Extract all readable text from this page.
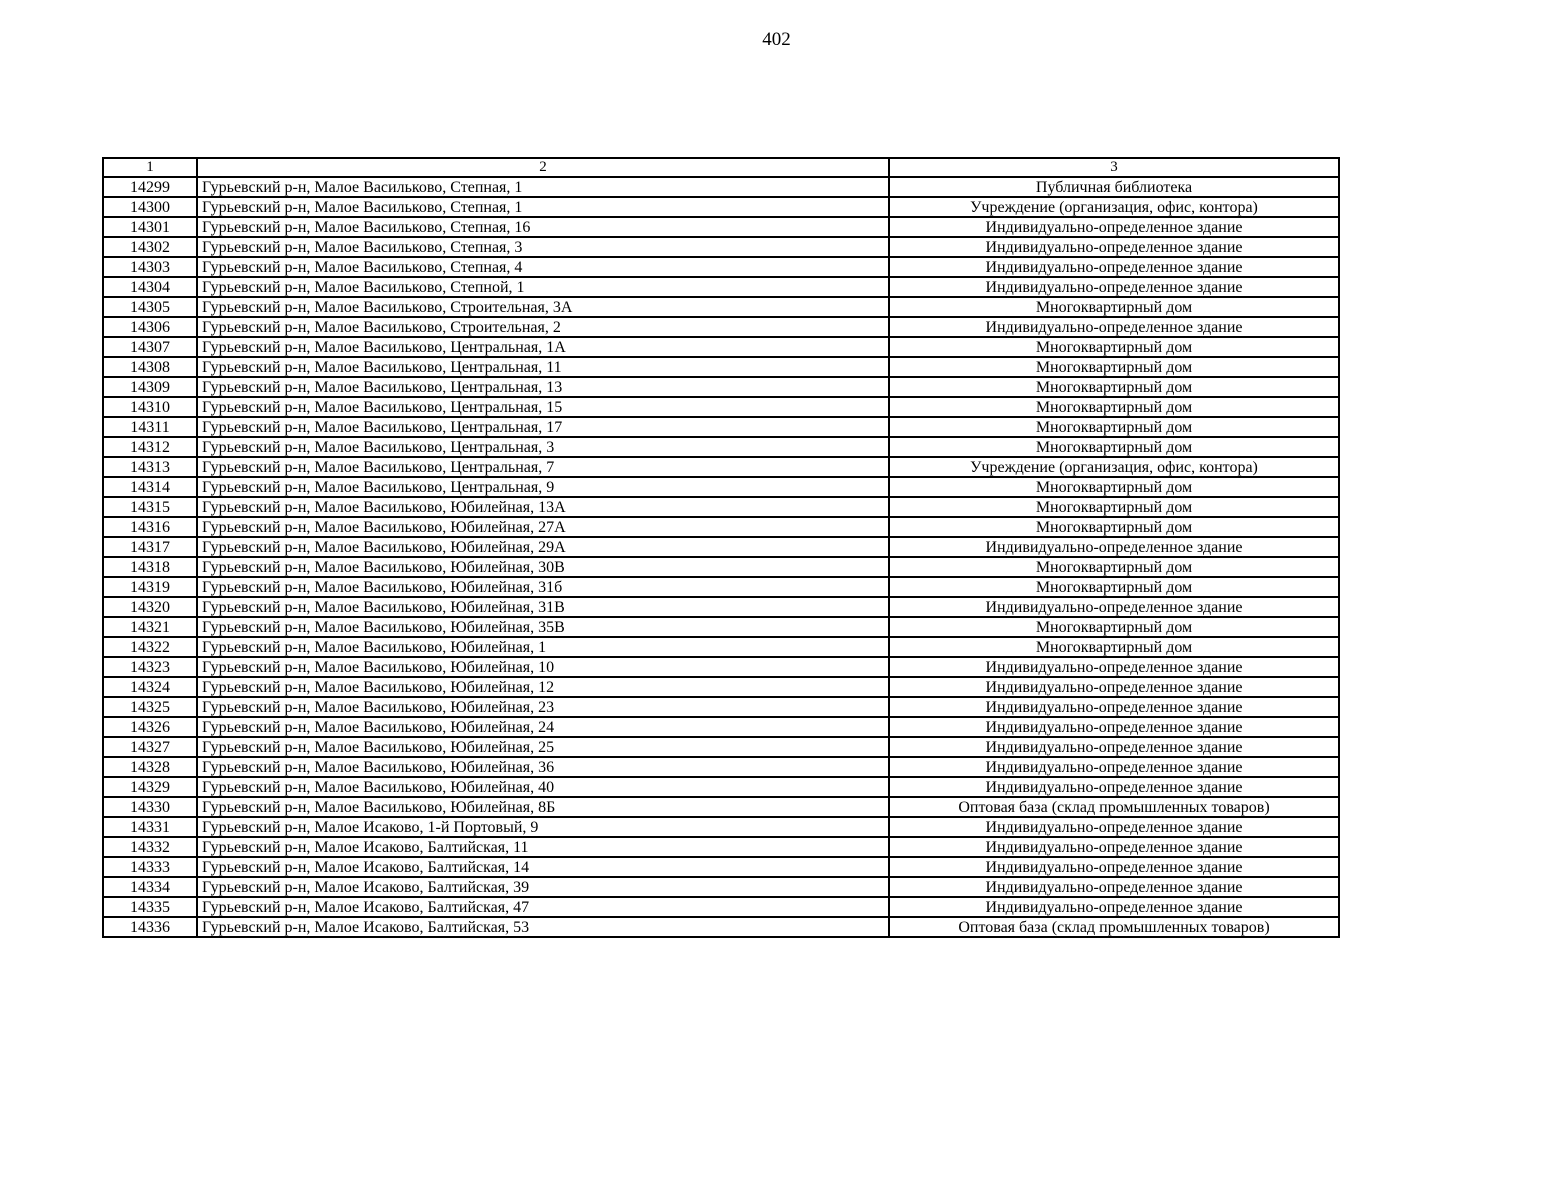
402
1	2	3
14299	Гурьевский р-н, Малое Васильково, Степная, 1	Публичная библиотека
14300	Гурьевский р-н, Малое Васильково, Степная, 1	Учреждение (организация, офис, контора)
14301	Гурьевский р-н, Малое Васильково, Степная, 16	Индивидуально-определенное здание
14302	Гурьевский р-н, Малое Васильково, Степная, 3	Индивидуально-определенное здание
14303	Гурьевский р-н, Малое Васильково, Степная, 4	Индивидуально-определенное здание
14304	Гурьевский р-н, Малое Васильково, Степной, 1	Индивидуально-определенное здание
14305	Гурьевский р-н, Малое Васильково, Строительная, 3А	Многоквартирный дом
14306	Гурьевский р-н, Малое Васильково, Строительная, 2	Индивидуально-определенное здание
14307	Гурьевский р-н, Малое Васильково, Центральная, 1А	Многоквартирный дом
14308	Гурьевский р-н, Малое Васильково, Центральная, 11	Многоквартирный дом
14309	Гурьевский р-н, Малое Васильково, Центральная, 13	Многоквартирный дом
14310	Гурьевский р-н, Малое Васильково, Центральная, 15	Многоквартирный дом
14311	Гурьевский р-н, Малое Васильково, Центральная, 17	Многоквартирный дом
14312	Гурьевский р-н, Малое Васильково, Центральная, 3	Многоквартирный дом
14313	Гурьевский р-н, Малое Васильково, Центральная, 7	Учреждение (организация, офис, контора)
14314	Гурьевский р-н, Малое Васильково, Центральная, 9	Многоквартирный дом
14315	Гурьевский р-н, Малое Васильково, Юбилейная, 13А	Многоквартирный дом
14316	Гурьевский р-н, Малое Васильково, Юбилейная, 27А	Многоквартирный дом
14317	Гурьевский р-н, Малое Васильково, Юбилейная, 29А	Индивидуально-определенное здание
14318	Гурьевский р-н, Малое Васильково, Юбилейная, 30В	Многоквартирный дом
14319	Гурьевский р-н, Малое Васильково, Юбилейная, 31б	Многоквартирный дом
14320	Гурьевский р-н, Малое Васильково, Юбилейная, 31В	Индивидуально-определенное здание
14321	Гурьевский р-н, Малое Васильково, Юбилейная, 35В	Многоквартирный дом
14322	Гурьевский р-н, Малое Васильково, Юбилейная, 1	Многоквартирный дом
14323	Гурьевский р-н, Малое Васильково, Юбилейная, 10	Индивидуально-определенное здание
14324	Гурьевский р-н, Малое Васильково, Юбилейная, 12	Индивидуально-определенное здание
14325	Гурьевский р-н, Малое Васильково, Юбилейная, 23	Индивидуально-определенное здание
14326	Гурьевский р-н, Малое Васильково, Юбилейная, 24	Индивидуально-определенное здание
14327	Гурьевский р-н, Малое Васильково, Юбилейная, 25	Индивидуально-определенное здание
14328	Гурьевский р-н, Малое Васильково, Юбилейная, 36	Индивидуально-определенное здание
14329	Гурьевский р-н, Малое Васильково, Юбилейная, 40	Индивидуально-определенное здание
14330	Гурьевский р-н, Малое Васильково, Юбилейная, 8Б	Оптовая база (склад промышленных товаров)
14331	Гурьевский р-н, Малое Исаково, 1-й Портовый, 9	Индивидуально-определенное здание
14332	Гурьевский р-н, Малое Исаково, Балтийская, 11	Индивидуально-определенное здание
14333	Гурьевский р-н, Малое Исаково, Балтийская, 14	Индивидуально-определенное здание
14334	Гурьевский р-н, Малое Исаково, Балтийская, 39	Индивидуально-определенное здание
14335	Гурьевский р-н, Малое Исаково, Балтийская, 47	Индивидуально-определенное здание
14336	Гурьевский р-н, Малое Исаково, Балтийская, 53	Оптовая база (склад промышленных товаров)
